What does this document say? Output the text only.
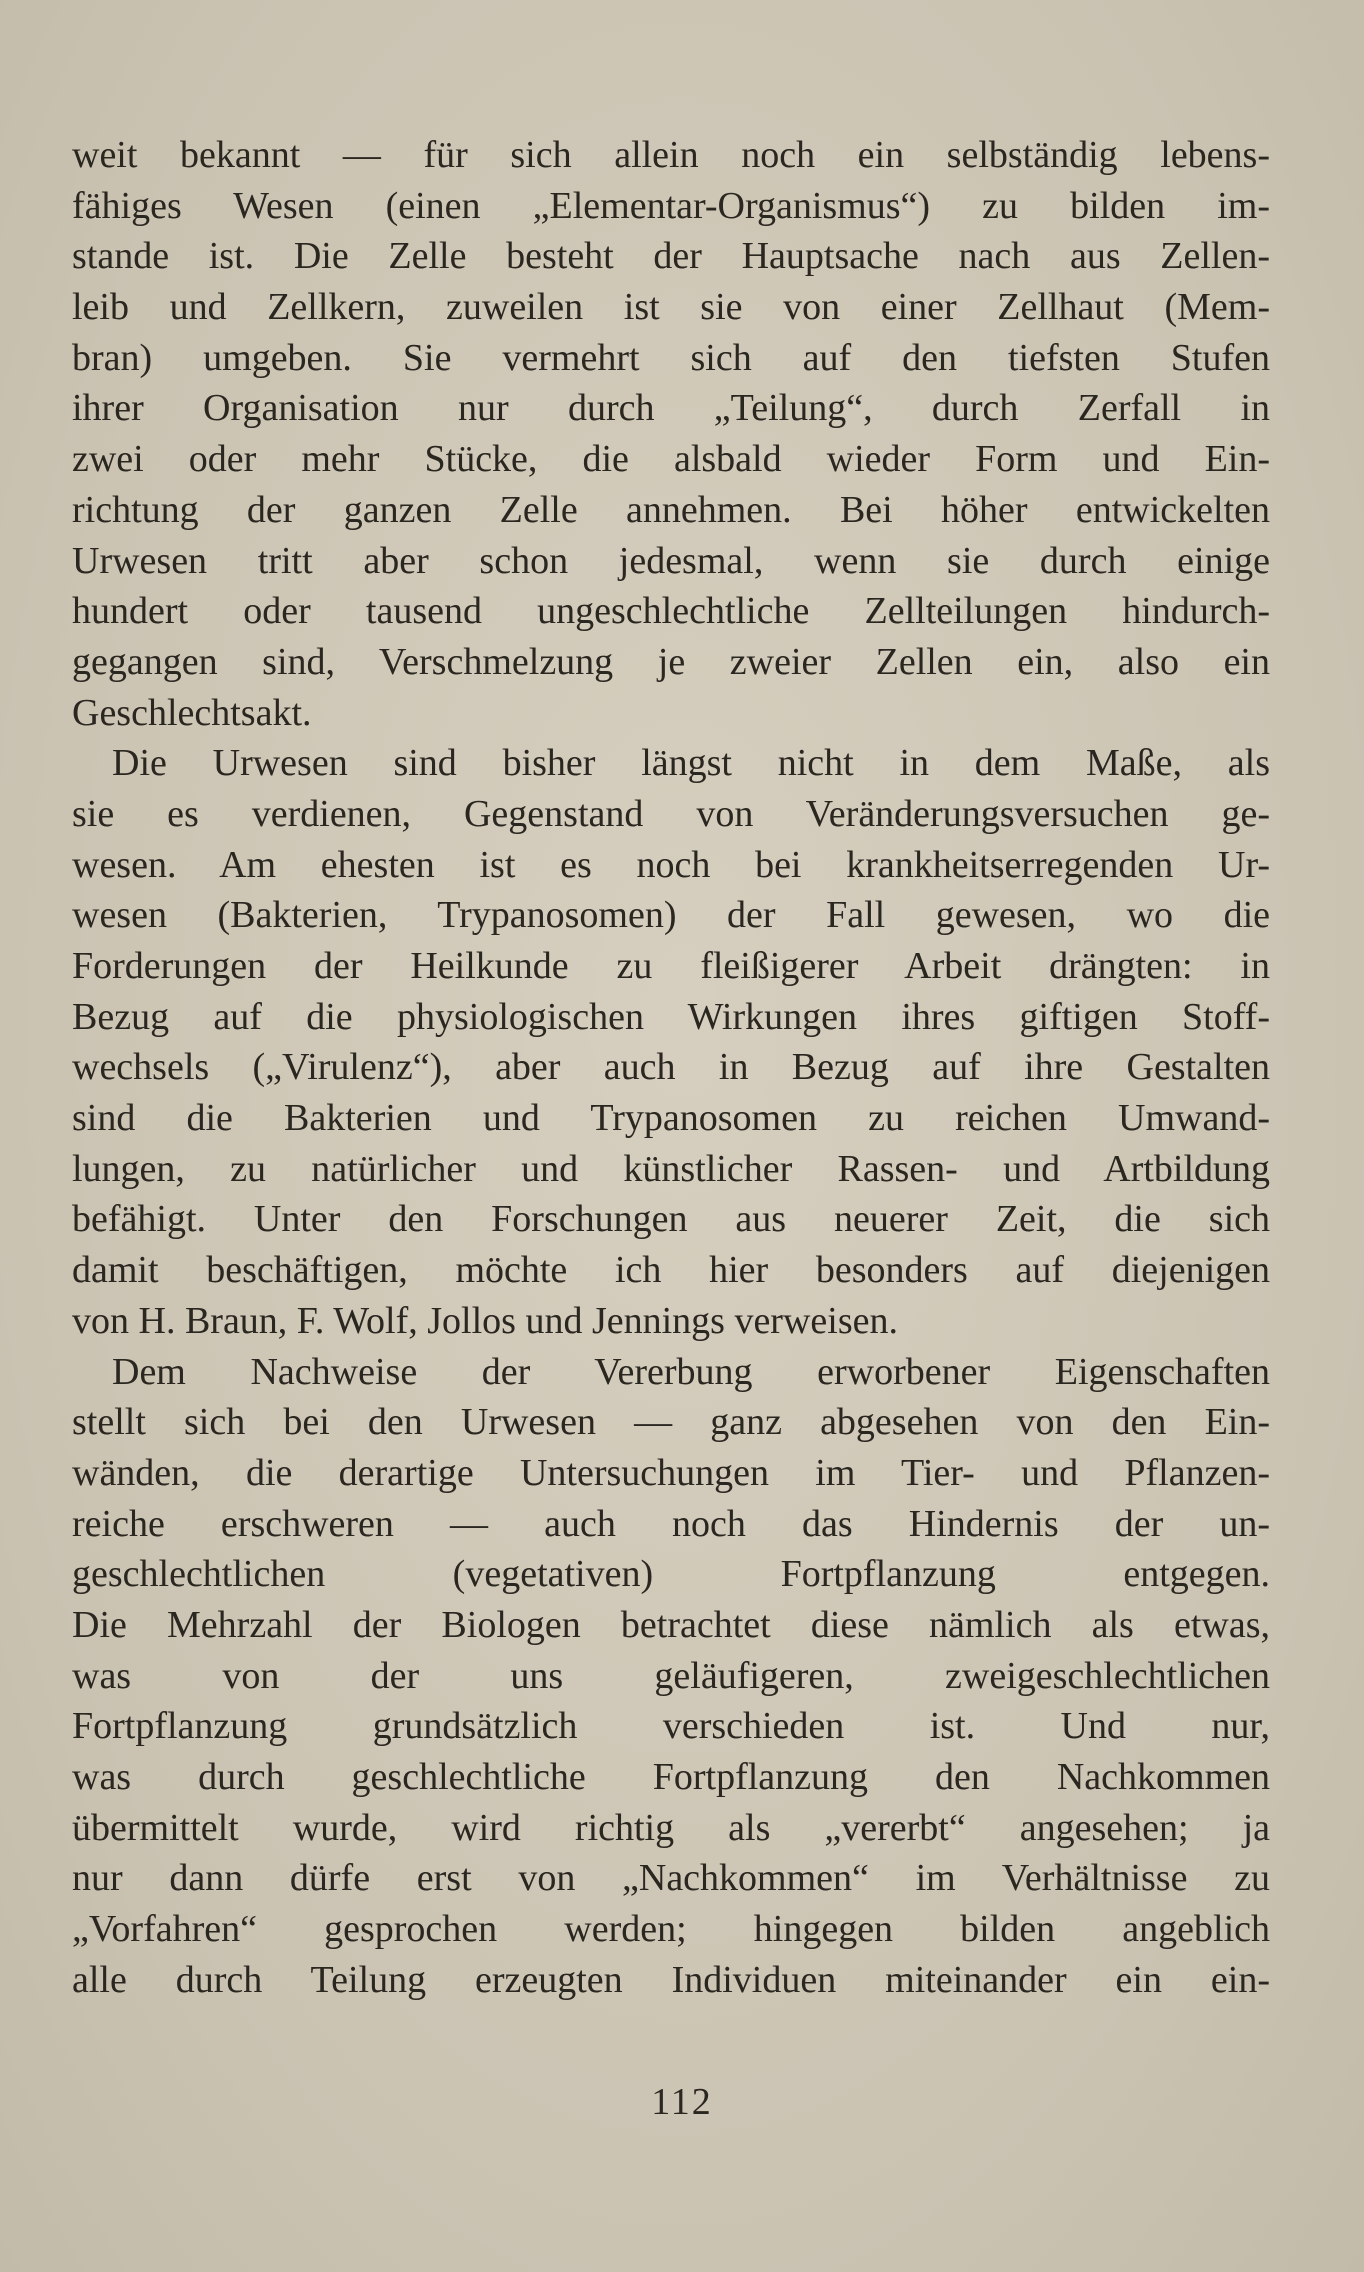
weit bekannt — für sich allein noch ein selbständig lebens-
fähiges Wesen (einen „Elementar-Organismus“) zu bilden im-
stande ist. Die Zelle besteht der Hauptsache nach aus Zellen-
leib und Zellkern, zuweilen ist sie von einer Zellhaut (Mem-
bran) umgeben. Sie vermehrt sich auf den tiefsten Stufen
ihrer Organisation nur durch „Teilung“, durch Zerfall in
zwei oder mehr Stücke, die alsbald wieder Form und Ein-
richtung der ganzen Zelle annehmen. Bei höher entwickelten
Urwesen tritt aber schon jedesmal, wenn sie durch einige
hundert oder tausend ungeschlechtliche Zellteilungen hindurch-
gegangen sind, Verschmelzung je zweier Zellen ein, also ein
Geschlechtsakt.
Die Urwesen sind bisher längst nicht in dem Maße, als
sie es verdienen, Gegenstand von Veränderungsversuchen ge-
wesen. Am ehesten ist es noch bei krankheitserregenden Ur-
wesen (Bakterien, Trypanosomen) der Fall gewesen, wo die
Forderungen der Heilkunde zu fleißigerer Arbeit drängten: in
Bezug auf die physiologischen Wirkungen ihres giftigen Stoff-
wechsels („Virulenz“), aber auch in Bezug auf ihre Gestalten
sind die Bakterien und Trypanosomen zu reichen Umwand-
lungen, zu natürlicher und künstlicher Rassen- und Artbildung
befähigt. Unter den Forschungen aus neuerer Zeit, die sich
damit beschäftigen, möchte ich hier besonders auf diejenigen
von H. Braun, F. Wolf, Jollos und Jennings verweisen.
Dem Nachweise der Vererbung erworbener Eigenschaften
stellt sich bei den Urwesen — ganz abgesehen von den Ein-
wänden, die derartige Untersuchungen im Tier- und Pflanzen-
reiche erschweren — auch noch das Hindernis der un-
geschlechtlichen (vegetativen) Fortpflanzung entgegen.
Die Mehrzahl der Biologen betrachtet diese nämlich als etwas,
was von der uns geläufigeren, zweigeschlechtlichen
Fortpflanzung grundsätzlich verschieden ist. Und nur,
was durch geschlechtliche Fortpflanzung den Nachkommen
übermittelt wurde, wird richtig als „vererbt“ angesehen; ja
nur dann dürfe erst von „Nachkommen“ im Verhältnisse zu
„Vorfahren“ gesprochen werden; hingegen bilden angeblich
alle durch Teilung erzeugten Individuen miteinander ein ein-
112
